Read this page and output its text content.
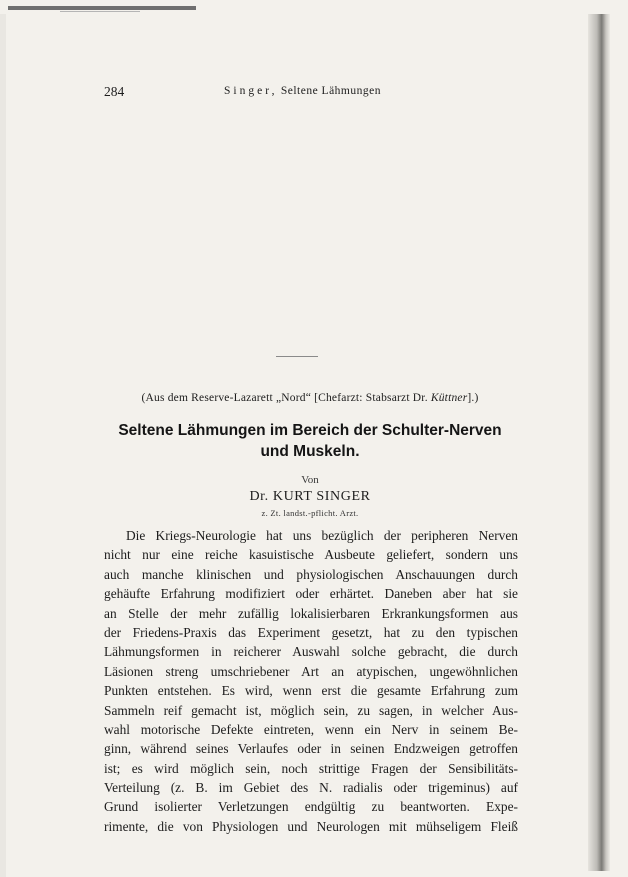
284	Singer, Seltene Lähmungen
(Aus dem Reserve-Lazarett „Nord“ [Chefarzt: Stabsarzt Dr. Küttner].)
Seltene Lähmungen im Bereich der Schulter-Nerven
und Muskeln.
Von
Dr. KURT SINGER
z. Zt. landst.-pflicht. Arzt.
Die Kriegs-Neurologie hat uns bezüglich der peripheren Nerven
nicht nur eine reiche kasuistische Ausbeute geliefert, sondern uns
auch manche klinischen und physiologischen Anschauungen durch
gehäufte Erfahrung modifiziert oder erhärtet. Daneben aber hat sie
an Stelle der mehr zufällig lokalisierbaren Erkrankungsformen aus
der Friedens-Praxis das Experiment gesetzt, hat zu den typischen
Lähmungsformen in reicherer Auswahl solche gebracht, die durch
Läsionen streng umschriebener Art an atypischen, ungewöhnlichen
Punkten entstehen. Es wird, wenn erst die gesamte Erfahrung zum
Sammeln reif gemacht ist, möglich sein, zu sagen, in welcher Aus-
wahl motorische Defekte eintreten, wenn ein Nerv in seinem Be-
ginn, während seines Verlaufes oder in seinen Endzweigen getroffen
ist; es wird möglich sein, noch strittige Fragen der Sensibilitäts-
Verteilung (z. B. im Gebiet des N. radialis oder trigeminus) auf
Grund isolierter Verletzungen endgültig zu beantworten. Expe-
rimente, die von Physiologen und Neurologen mit mühseligem Fleiß
